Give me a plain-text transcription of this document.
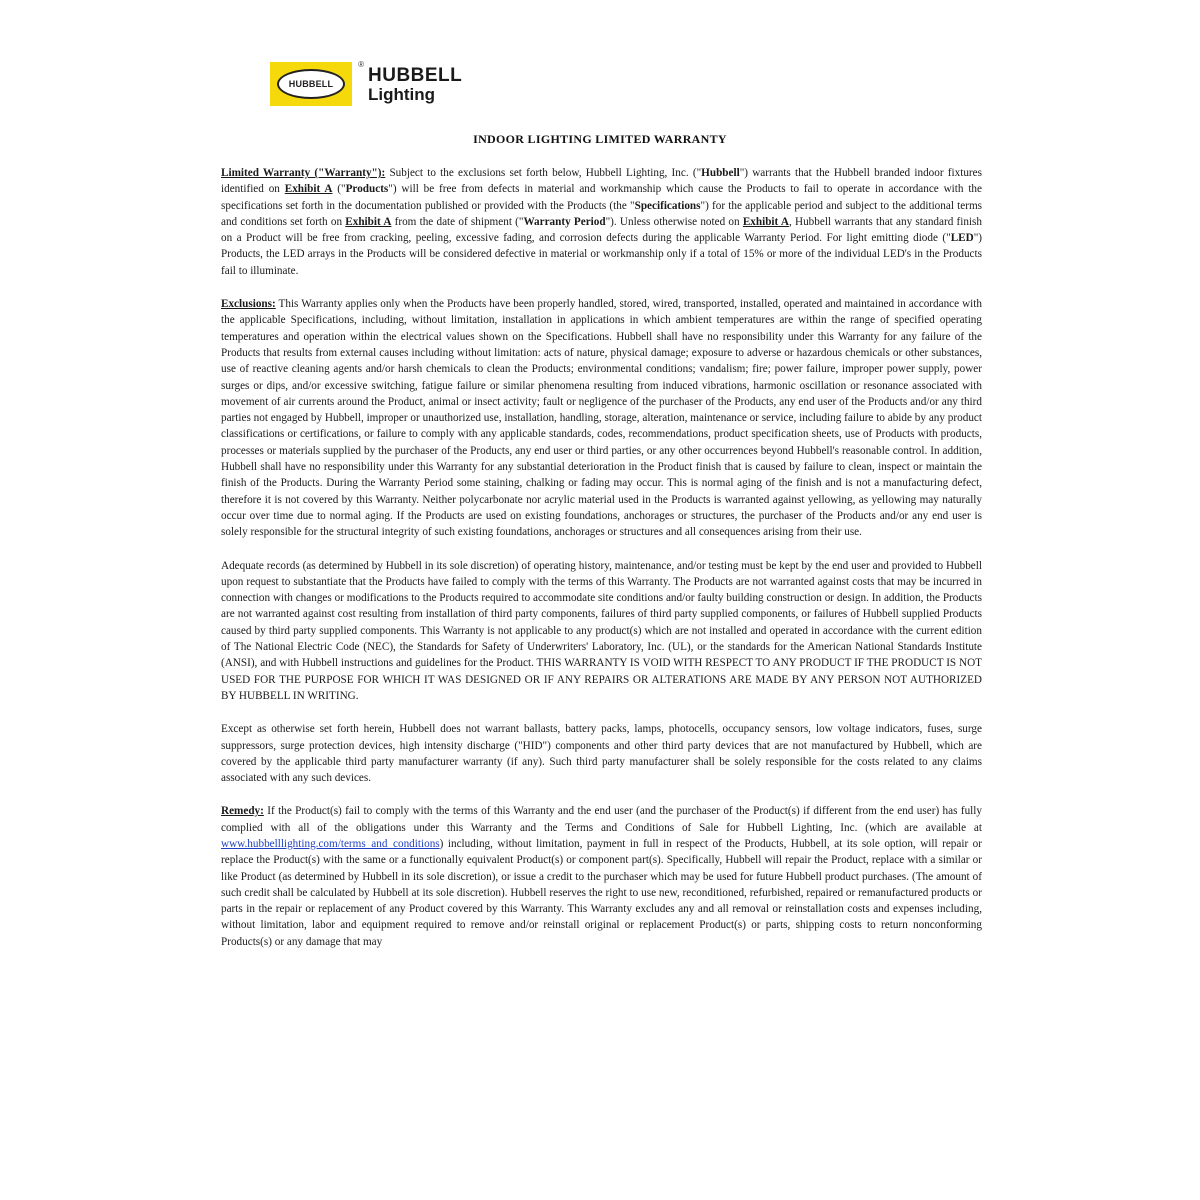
HUBBELL
® HUBBELL
Lighting
INDOOR LIGHTING LIMITED WARRANTY

Limited Warranty ("Warranty"): Subject to the exclusions set forth below, Hubbell Lighting, Inc. ("Hubbell") warrants that the Hubbell branded indoor fixtures identified on Exhibit A ("Products") will be free from defects in material and workmanship which cause the Products to fail to operate in accordance with the specifications set forth in the documentation published or provided with the Products (the "Specifications") for the applicable period and subject to the additional terms and conditions set forth on Exhibit A from the date of shipment ("Warranty Period"). Unless otherwise noted on Exhibit A, Hubbell warrants that any standard finish on a Product will be free from cracking, peeling, excessive fading, and corrosion defects during the applicable Warranty Period. For light emitting diode ("LED") Products, the LED arrays in the Products will be considered defective in material or workmanship only if a total of 15% or more of the individual LED's in the Products fail to illuminate.

Exclusions: This Warranty applies only when the Products have been properly handled, stored, wired, transported, installed, operated and maintained in accordance with the applicable Specifications, including, without limitation, installation in applications in which ambient temperatures are within the range of specified operating temperatures and operation within the electrical values shown on the Specifications. Hubbell shall have no responsibility under this Warranty for any failure of the Products that results from external causes including without limitation: acts of nature, physical damage; exposure to adverse or hazardous chemicals or other substances, use of reactive cleaning agents and/or harsh chemicals to clean the Products; environmental conditions; vandalism; fire; power failure, improper power supply, power surges or dips, and/or excessive switching, fatigue failure or similar phenomena resulting from induced vibrations, harmonic oscillation or resonance associated with movement of air currents around the Product, animal or insect activity; fault or negligence of the purchaser of the Products, any end user of the Products and/or any third parties not engaged by Hubbell, improper or unauthorized use, installation, handling, storage, alteration, maintenance or service, including failure to abide by any product classifications or certifications, or failure to comply with any applicable standards, codes, recommendations, product specification sheets, use of Products with products, processes or materials supplied by the purchaser of the Products, any end user or third parties, or any other occurrences beyond Hubbell's reasonable control. In addition, Hubbell shall have no responsibility under this Warranty for any substantial deterioration in the Product finish that is caused by failure to clean, inspect or maintain the finish of the Products. During the Warranty Period some staining, chalking or fading may occur. This is normal aging of the finish and is not a manufacturing defect, therefore it is not covered by this Warranty. Neither polycarbonate nor acrylic material used in the Products is warranted against yellowing, as yellowing may naturally occur over time due to normal aging. If the Products are used on existing foundations, anchorages or structures, the purchaser of the Products and/or any end user is solely responsible for the structural integrity of such existing foundations, anchorages or structures and all consequences arising from their use.

Adequate records (as determined by Hubbell in its sole discretion) of operating history, maintenance, and/or testing must be kept by the end user and provided to Hubbell upon request to substantiate that the Products have failed to comply with the terms of this Warranty. The Products are not warranted against costs that may be incurred in connection with changes or modifications to the Products required to accommodate site conditions and/or faulty building construction or design. In addition, the Products are not warranted against cost resulting from installation of third party components, failures of third party supplied components, or failures of Hubbell supplied Products caused by third party supplied components. This Warranty is not applicable to any product(s) which are not installed and operated in accordance with the current edition of The National Electric Code (NEC), the Standards for Safety of Underwriters' Laboratory, Inc. (UL), or the standards for the American National Standards Institute (ANSI), and with Hubbell instructions and guidelines for the Product. THIS WARRANTY IS VOID WITH RESPECT TO ANY PRODUCT IF THE PRODUCT IS NOT USED FOR THE PURPOSE FOR WHICH IT WAS DESIGNED OR IF ANY REPAIRS OR ALTERATIONS ARE MADE BY ANY PERSON NOT AUTHORIZED BY HUBBELL IN WRITING.

Except as otherwise set forth herein, Hubbell does not warrant ballasts, battery packs, lamps, photocells, occupancy sensors, low voltage indicators, fuses, surge suppressors, surge protection devices, high intensity discharge ("HID") components and other third party devices that are not manufactured by Hubbell, which are covered by the applicable third party manufacturer warranty (if any). Such third party manufacturer shall be solely responsible for the costs related to any claims associated with any such devices.

Remedy: If the Product(s) fail to comply with the terms of this Warranty and the end user (and the purchaser of the Product(s) if different from the end user) has fully complied with all of the obligations under this Warranty and the Terms and Conditions of Sale for Hubbell Lighting, Inc. (which are available at www.hubbelllighting.com/terms_and_conditions) including, without limitation, payment in full in respect of the Products, Hubbell, at its sole option, will repair or replace the Product(s) with the same or a functionally equivalent Product(s) or component part(s). Specifically, Hubbell will repair the Product, replace with a similar or like Product (as determined by Hubbell in its sole discretion), or issue a credit to the purchaser which may be used for future Hubbell product purchases. (The amount of such credit shall be calculated by Hubbell at its sole discretion). Hubbell reserves the right to use new, reconditioned, refurbished, repaired or remanufactured products or parts in the repair or replacement of any Product covered by this Warranty. This Warranty excludes any and all removal or reinstallation costs and expenses including, without limitation, labor and equipment required to remove and/or reinstall original or replacement Product(s) or parts, shipping costs to return nonconforming Products(s) or any damage that may
